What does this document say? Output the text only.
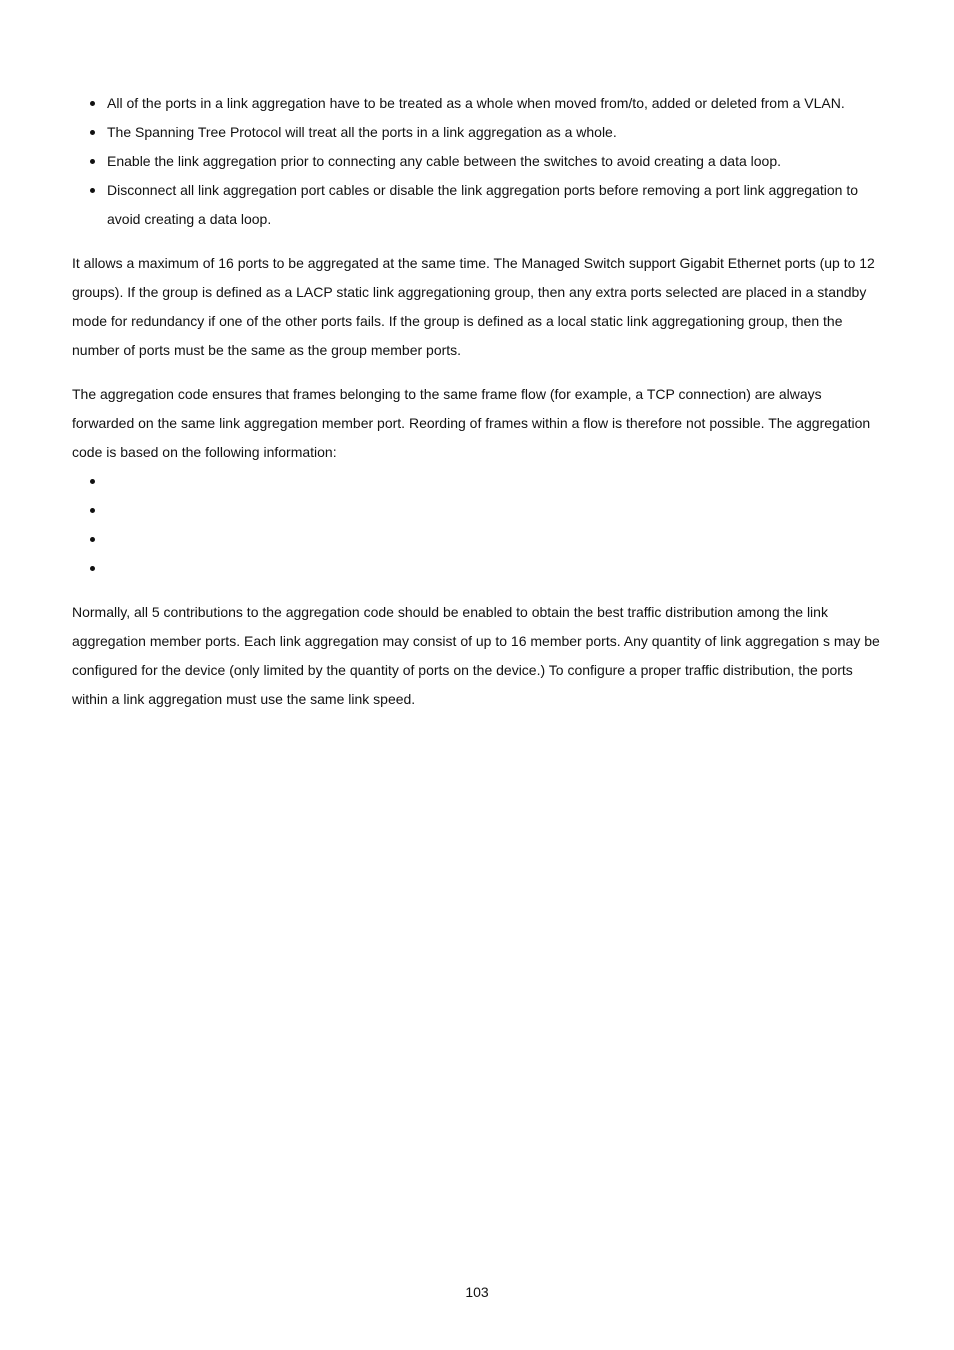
All of the ports in a link aggregation have to be treated as a whole when moved from/to, added or deleted from a VLAN.
The Spanning Tree Protocol will treat all the ports in a link aggregation as a whole.
Enable the link aggregation prior to connecting any cable between the switches to avoid creating a data loop.
Disconnect all link aggregation port cables or disable the link aggregation ports before removing a port link aggregation to avoid creating a data loop.

It allows a maximum of 16 ports to be aggregated at the same time. The Managed Switch support Gigabit Ethernet ports (up to 12 groups). If the group is defined as a LACP static link aggregationing group, then any extra ports selected are placed in a standby mode for redundancy if one of the other ports fails. If the group is defined as a local static link aggregationing group, then the number of ports must be the same as the group member ports.

The aggregation code ensures that frames belonging to the same frame flow (for example, a TCP connection) are always forwarded on the same link aggregation member port. Reording of frames within a flow is therefore not possible. The aggregation code is based on the following information:

Normally, all 5 contributions to the aggregation code should be enabled to obtain the best traffic distribution among the link aggregation member ports. Each link aggregation may consist of up to 16 member ports. Any quantity of link aggregation s may be configured for the device (only limited by the quantity of ports on the device.) To configure a proper traffic distribution, the ports within a link aggregation must use the same link speed.

103
